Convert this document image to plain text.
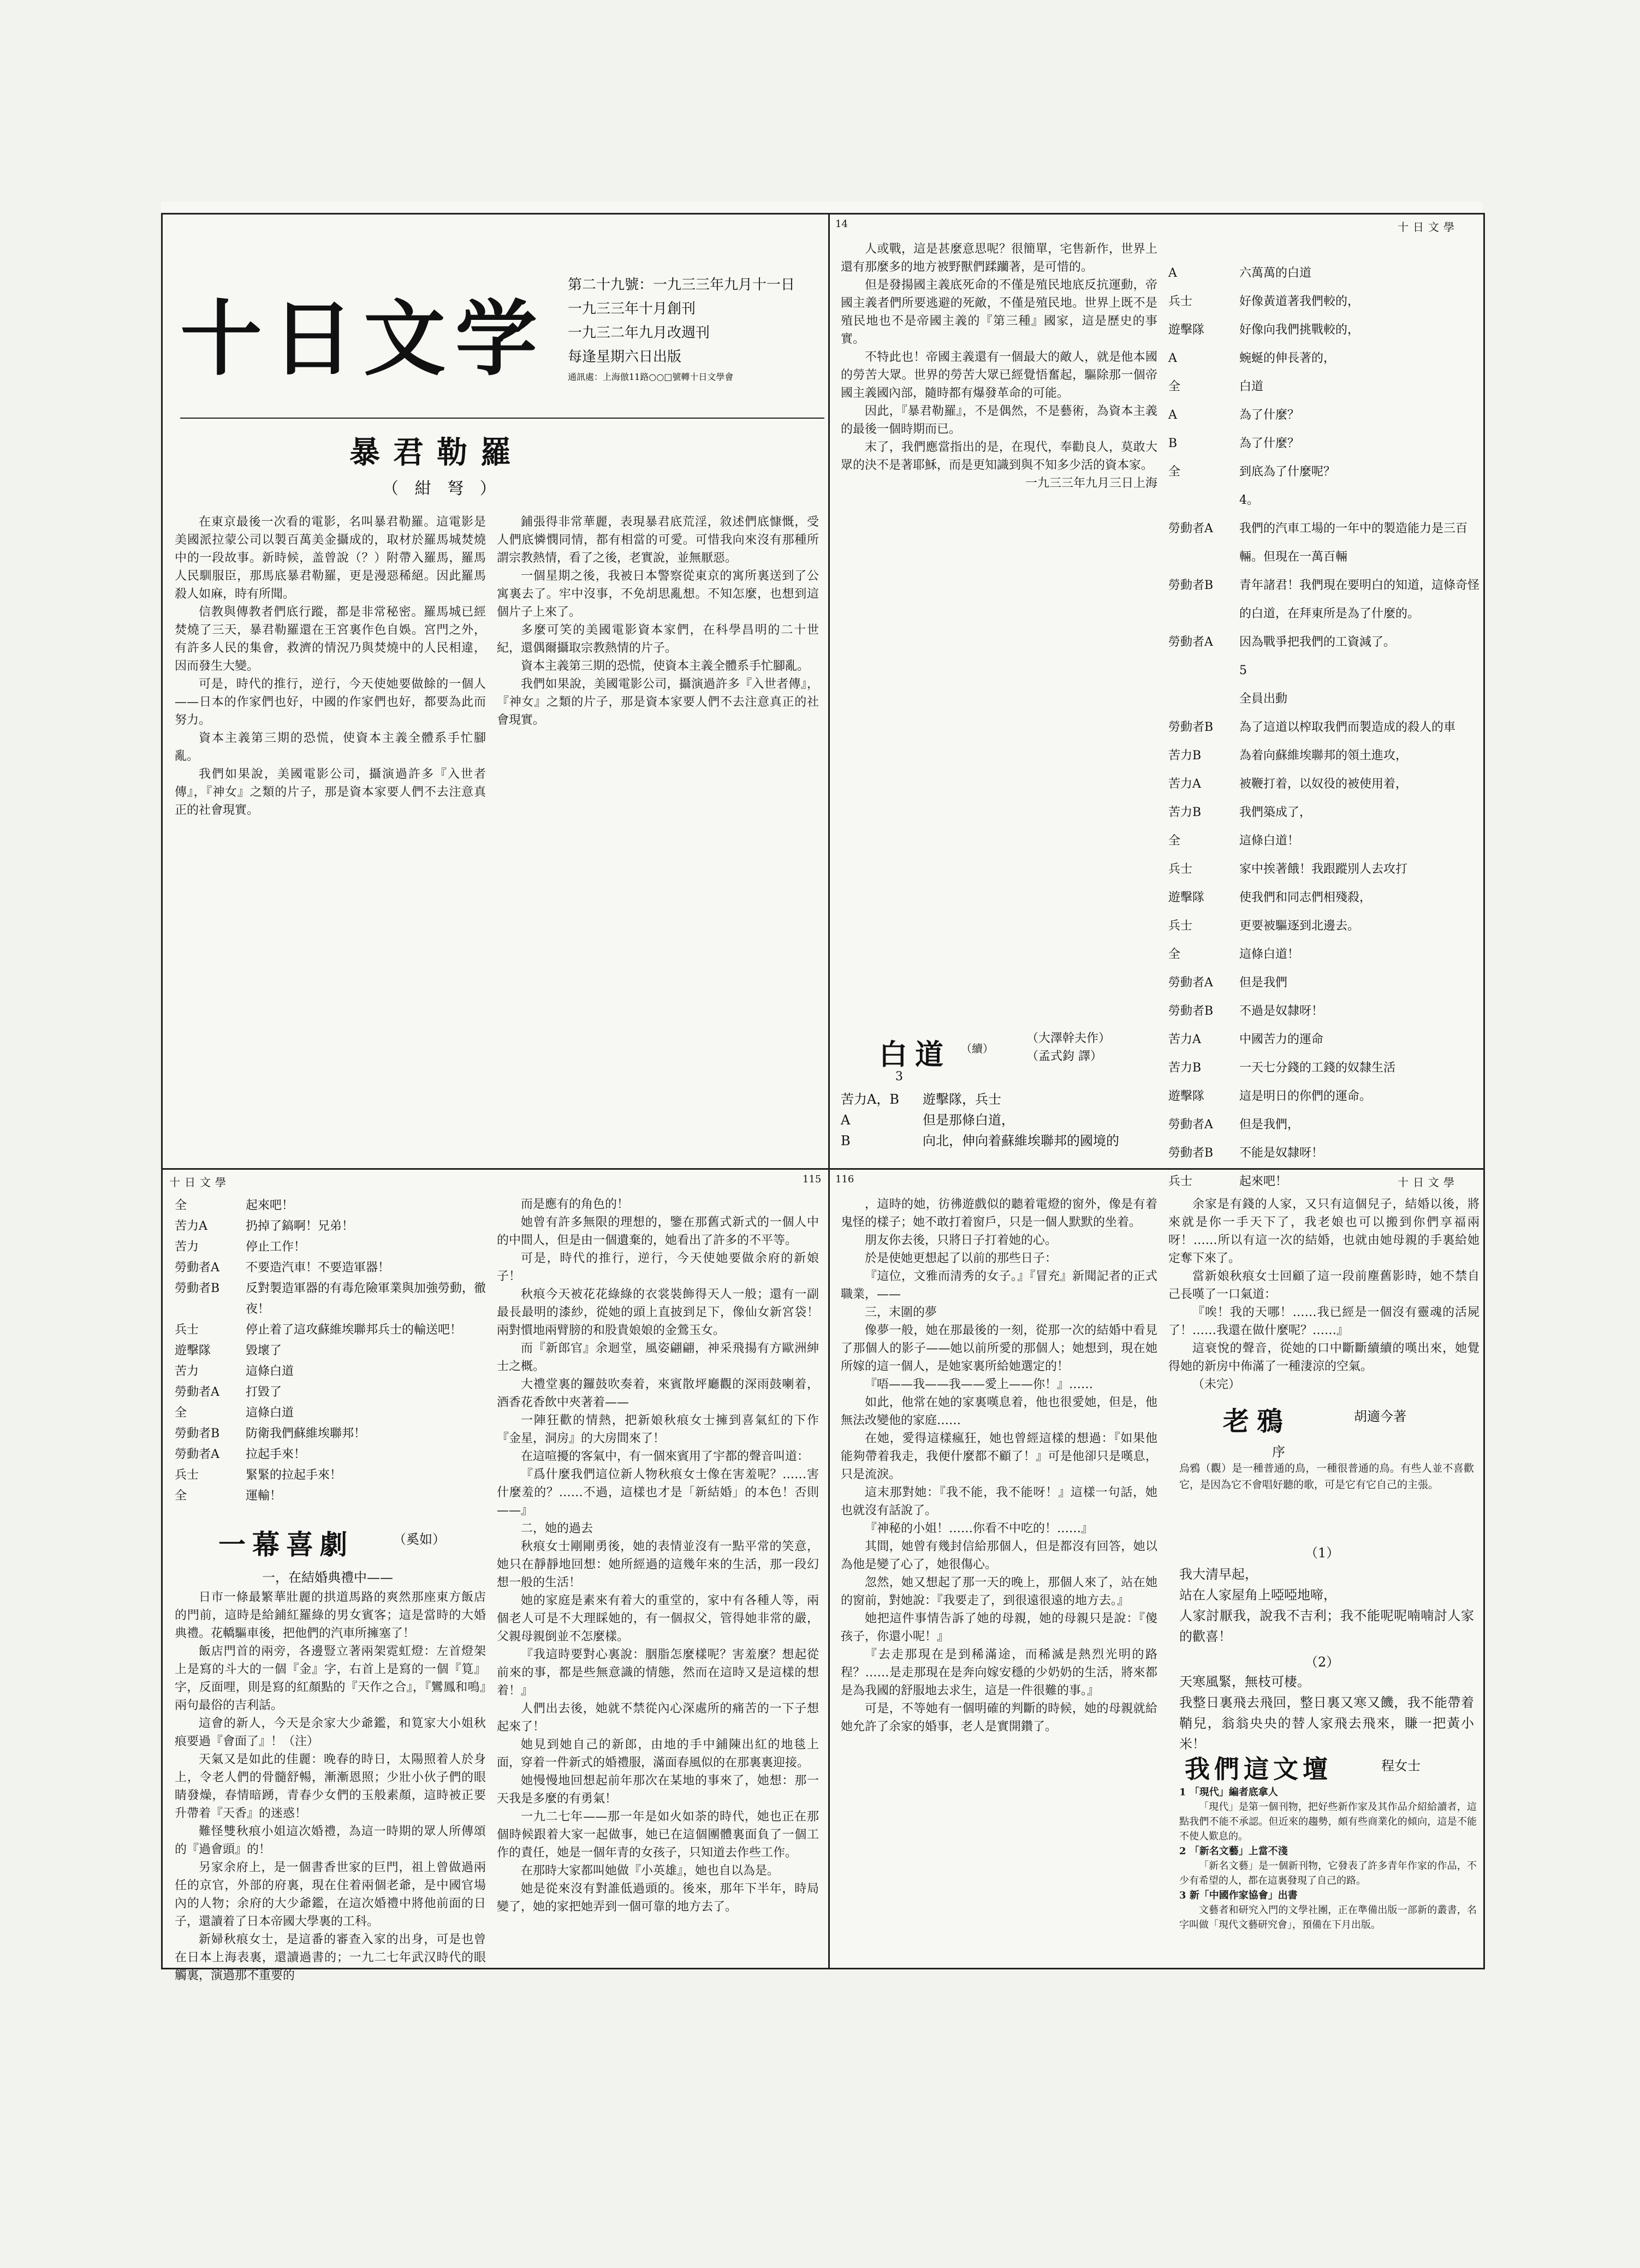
十日文學
十日文學	十日文學
14
115 116
十日文学
第二十九號：一九三三年九月十一日
一九三三年十月創刊
一九三二年九月改週刊
每逢星期六日出版
通訊處：上海倣11路○○□號轉十日文學會
暴君勒羅
（ 紺 弩 ）

在東京最後一次看的電影，名叫暴君勒羅。這電影是美國派拉蒙公司以製百萬美金攝成的，取材於羅馬城焚燒中的一段故事。新時候，盖曾說（？）附帶入羅馬，羅馬人民馴服臣，那馬底暴君勒羅，更是漫惡稀絕。因此羅馬殺人如麻，時有所聞。

信教與傳教者們底行蹤，都是非常秘密。羅馬城已經焚燒了三天，暴君勒羅還在王宮裏作色自娛。宮門之外，有許多人民的集會，救濟的情況乃與焚燒中的人民相違，因而發生大變。

可是，時代的推行，逆行，今天使她要做餘的一個人——日本的作家們也好，中國的作家們也好，都要為此而努力。

資本主義第三期的恐慌，使資本主義全體系手忙腳亂。

我們如果說，美國電影公司，攝演過許多『入世者傳』，『神女』之類的片子，那是資本家要人們不去注意真正的社會現實。

鋪張得非常華麗，表現暴君底荒淫，敘述們底慷慨，受人們底憐憫同情，都有相當的可愛。可惜我向來沒有那種所謂宗教熱情，看了之後，老實說，並無厭惡。

一個星期之後，我被日本警察從東京的寓所裏送到了公寓裏去了。牢中沒事，不免胡思亂想。不知怎麼，也想到這個片子上來了。

多麼可笑的美國電影資本家們，在科學昌明的二十世紀，還偶爾攝取宗教熱情的片子。

資本主義第三期的恐慌，使資本主義全體系手忙腳亂。

我們如果說，美國電影公司，攝演過許多『入世者傳』，『神女』之類的片子，那是資本家要人們不去注意真正的社會現實。

人或戰，這是甚麼意思呢？很簡單，宅售新作，世界上還有那麼多的地方被野獸們蹂躪著，是可惜的。

但是發揚國主義底死命的不僅是殖民地底反抗運動，帝國主義者們所要逃避的死敵，不僅是殖民地。世界上既不是殖民地也不是帝國主義的『第三種』國家，這是歷史的事實。

不特此也！帝國主義還有一個最大的敵人，就是他本國的勞苦大眾。世界的勞苦大眾已經覺悟奮起，驅除那一個帝國主義國內部，隨時都有爆發革命的可能。

因此，『暴君勒羅』，不是偶然，不是藝術，為資本主義的最後一個時期而已。

末了，我們應當指出的是，在現代，奉勸良人，莫敢大眾的決不是著耶穌，而是更知識到與不知多少活的資本家。

一九三三年九月三日上海

白道 （續）
（大澤幹夫作）
（孟式鈞 譯）
3
苦力A，B	遊擊隊，兵士
A	但是那條白道，
B	向北，伸向着蘇維埃聯邦的國境的
A	六萬萬的白道
兵士	好像黃道著我們較的，
遊擊隊	好像向我們挑戰較的，
A	蜿蜒的伸長著的，
全	白道
A	為了什麼？
B	為了什麼？
全	到底為了什麼呢？
4。
勞動者A	我們的汽車工場的一年中的製造能力是三百輛。但現在一萬百輛
勞動者B	青年諸君！我們現在要明白的知道，這條奇怪的白道，在拜東所是為了什麼的。
勞動者A	因為戰爭把我們的工資減了。
5
全員出動
勞動者B	為了這道以榨取我們而製造成的殺人的車
苦力B	為着向蘇維埃聯邦的領土進攻，
苦力A	被鞭打着，以奴役的被使用着，
苦力B	我們築成了，
全	這條白道！
兵士	家中挨著餓！我跟蹤別人去攻打
遊擊隊	使我們和同志們相殘殺，
兵士	更要被驅逐到北邊去。
全	這條白道！
勞動者A	但是我們
勞動者B	不過是奴隸呀！
苦力A	中國苦力的運命
苦力B	一天七分錢的工錢的奴隸生活
遊擊隊	這是明日的你們的運命。
勞動者A	但是我們，
勞動者B	不能是奴隸呀！
兵士	起來吧！
全	起來吧！
苦力A	扔掉了鎬啊！兄弟！
苦力	停止工作！
勞動者A	不要造汽車！不要造軍器！
勞動者B	反對製造軍器的有毒危險軍業與加強勞動，徹夜！
兵士	停止着了這攻蘇維埃聯邦兵士的輸送吧！
遊擊隊	毀壞了
苦力	這條白道
勞動者A	打毀了
全	這條白道
勞動者B	防衛我們蘇維埃聯邦！
勞動者A	拉起手來！
兵士	緊緊的拉起手來！
全	運輸！
一幕喜劇	（奚如）
一，在結婚典禮中——

日市一條最繁華壯麗的拱道馬路的爽然那座東方飯店的門前，這時是給鋪紅羅綠的男女賓客；這是當時的大婚典禮。花轎驅車後，把他們的汽車所擁塞了！

飯店門首的兩旁，各邊豎立著兩架霓虹燈：左首燈架上是寫的斗大的一個『金』字，右首上是寫的一個『筧』字，反面哩，則是寫的紅顏點的『天作之合』，『鸞鳳和鳴』兩句最俗的吉利話。

這會的新人，今天是余家大少爺鑑，和筧家大小姐秋痕要過『會面了』！（注）

天氣又是如此的佳麗：晚春的時日，太陽照着人於身上，令老人們的骨髓舒暢，漸漸恩照；少壯小伙子們的眼睛發燥，春情暗踴，青春少女們的玉般素顏，這時被正要升帶着『天香』的迷惑！

難怪雙秋痕小姐這次婚禮，為這一時期的眾人所傳頌的『過會頭』的！

另家余府上，是一個書香世家的巨門，祖上曾做過兩任的京官，外部的府裏，現在住着兩個老爺，是中國官場內的人物；余府的大少爺鑑，在這次婚禮中將他前面的日子，還讀着了日本帝國大學裏的工科。

新婦秋痕女士，是這番的審查入家的出身，可是也曾在日本上海表裏，還讀過書的；一九二七年武汉時代的眼觸裏，演過那不重要的

而是應有的角色的！

她曾有許多無限的理想的，鑒在那舊式新式的一個人中的中間人，但是由一個遺棄的，她看出了許多的不平等。

可是，時代的推行，逆行，今天使她要做余府的新娘子！

秋痕今天被花花綠綠的衣裳裝飾得天人一般；還有一副最長最明的漆紗，從她的頭上直披到足下，像仙女新宮袋！兩對慣地兩臂膀的和股貴娘娘的金鶯玉女。

而『新郎官』余迴堂，風姿翩翩，神采飛揚有方歐洲紳士之概。

大禮堂裏的鑼鼓吹奏着，來賓散坪廳觀的深雨鼓喇着，酒香花香飲中夾著着——

一陣狂歡的情熱，把新娘秋痕女士擁到喜氣紅的下作『金星，洞房』的大房間來了！

在這喧擾的客氣中，有一個來賓用了宇都的聲音叫道：

『爲什麼我們這位新人物秋痕女士像在害羞呢？……害什麼羞的？……不過，這樣也才是「新結婚」的本色！否則——』

二，她的過去

秋痕女士剛剛勇後，她的表情並沒有一點平常的笑意，她只在靜靜地回想：她所經過的這幾年來的生活，那一段幻想一般的生活！

她的家庭是素來有着大的重堂的，家中有各種人等，兩個老人可是不大理睬她的，有一個叔父，管得她非常的嚴，父親母親倒並不怎麼樣。

『我這時要對心裏說：胭脂怎麼樣呢？害羞麼？想起從前來的事，都是些無意識的情態，然而在這時又是這樣的想着！』

人們出去後，她就不禁從內心深處所的痛苦的一下子想起來了！

她見到她自己的新郎，由地的手中鋪陳出紅的地毯上面，穿着一件新式的婚禮服，滿面春風似的在那裏裏迎接。

她慢慢地回想起前年那次在某地的事來了，她想：那一天我是多麼的有勇氣！

一九二七年——那一年是如火如荼的時代，她也正在那個時候跟着大家一起做事，她已在這個團體裏面負了一個工作的責任，她是一個年青的女孩子，只知道去作些工作。

在那時大家都叫她做『小英雄』，她也自以為是。

她是從來沒有對誰低過頭的。後來，那年下半年，時局變了，她的家把她弄到一個可靠的地方去了。

，這時的她，彷彿遊戲似的聽着電燈的窗外，像是有着鬼怪的樣子；她不敢打着窗戶，只是一個人默默的坐着。

朋友你去後，只將日子打着她的心。

於是使她更想起了以前的那些日子：

『這位，文雅而清秀的女子。』『冒充』新聞記者的正式職業，——

三，末圍的夢

像夢一般，她在那最後的一刻，從那一次的結婚中看見了那個人的影子——她以前所愛的那個人；她想到，現在她所嫁的這一個人，是她家裏所給她選定的！

『唔——我——我——愛上——你！』……

如此，他常在她的家裏嘆息着，他也很愛她，但是，他無法改變他的家庭……

在她，愛得這樣瘋狂，她也曾經這樣的想過：『如果他能夠帶着我走，我便什麼都不顧了！』可是他卻只是嘆息，只是流淚。

這末那對她：『我不能，我不能呀！』這樣一句話，她也就沒有話說了。

『神秘的小姐！……你看不中吃的！……』

其間，她曾有幾封信給那個人，但是都沒有回答，她以為他是變了心了，她很傷心。

忽然，她又想起了那一天的晚上，那個人來了，站在她的窗前，對她說：『我要走了，到很遠很遠的地方去。』

她把這件事情告訴了她的母親，她的母親只是說：『傻孩子，你還小呢！』

『去走那現在是到稀滿途，而稀滅是熱烈光明的路程？……是走那現在是奔向嫁安穩的少奶奶的生活，將來都是為我國的舒服地去求生，這是一件很難的事。』

可是，不等她有一個明確的判斷的時候，她的母親就給她允許了余家的婚事，老人是實開鑽了。

余家是有錢的人家，又只有這個兒子，結婚以後，將來就是你一手天下了，我老娘也可以搬到你們享福兩呀！……所以有這一次的結婚，也就由她母親的手裏給她定奪下來了。

當新娘秋痕女士回顧了這一段前塵舊影時，她不禁自己長嘆了一口氣道：

『唉！我的天哪！……我已經是一個沒有靈魂的活屍了！……我還在做什麼呢？……』

這衰悅的聲音，從她的口中斷斷續續的嘆出來，她覺得她的新房中佈滿了一種淒涼的空氣。

（未完）

老鴉	胡適今著
序
烏鴉（觀）是一種普通的鳥，一種很普通的鳥。有些人並不喜歡它，是因為它不會唱好聽的歌，可是它有它自己的主張。
（1）
我大清早起，
站在人家屋角上啞啞地啼，
人家討厭我，說我不吉利；我不能呢呢喃喃討人家的歡喜！
（2）
天寒風緊，無枝可棲。
我整日裏飛去飛回，整日裏又寒又饑，我不能帶着鞘兒，翁翁央央的替人家飛去飛來，賺一把黃小米！
我們這文壇	程女士
1 「現代」編者底拿人

「現代」是第一個刊物，把好些新作家及其作品介紹給讀者，這點我們不能不承認。但近來的趨勢，頗有些商業化的傾向，這是不能不使人歎息的。

2 「新名文藝」上當不淺

「新名文藝」是一個新刊物，它發表了許多青年作家的作品，不少有希望的人，都在這裏發現了自己的路。

3 新「中國作家協會」出書

文藝者和研究入門的文學社團，正在準備出版一部新的叢書，名字叫做「現代文藝研究會」，預備在下月出版。
